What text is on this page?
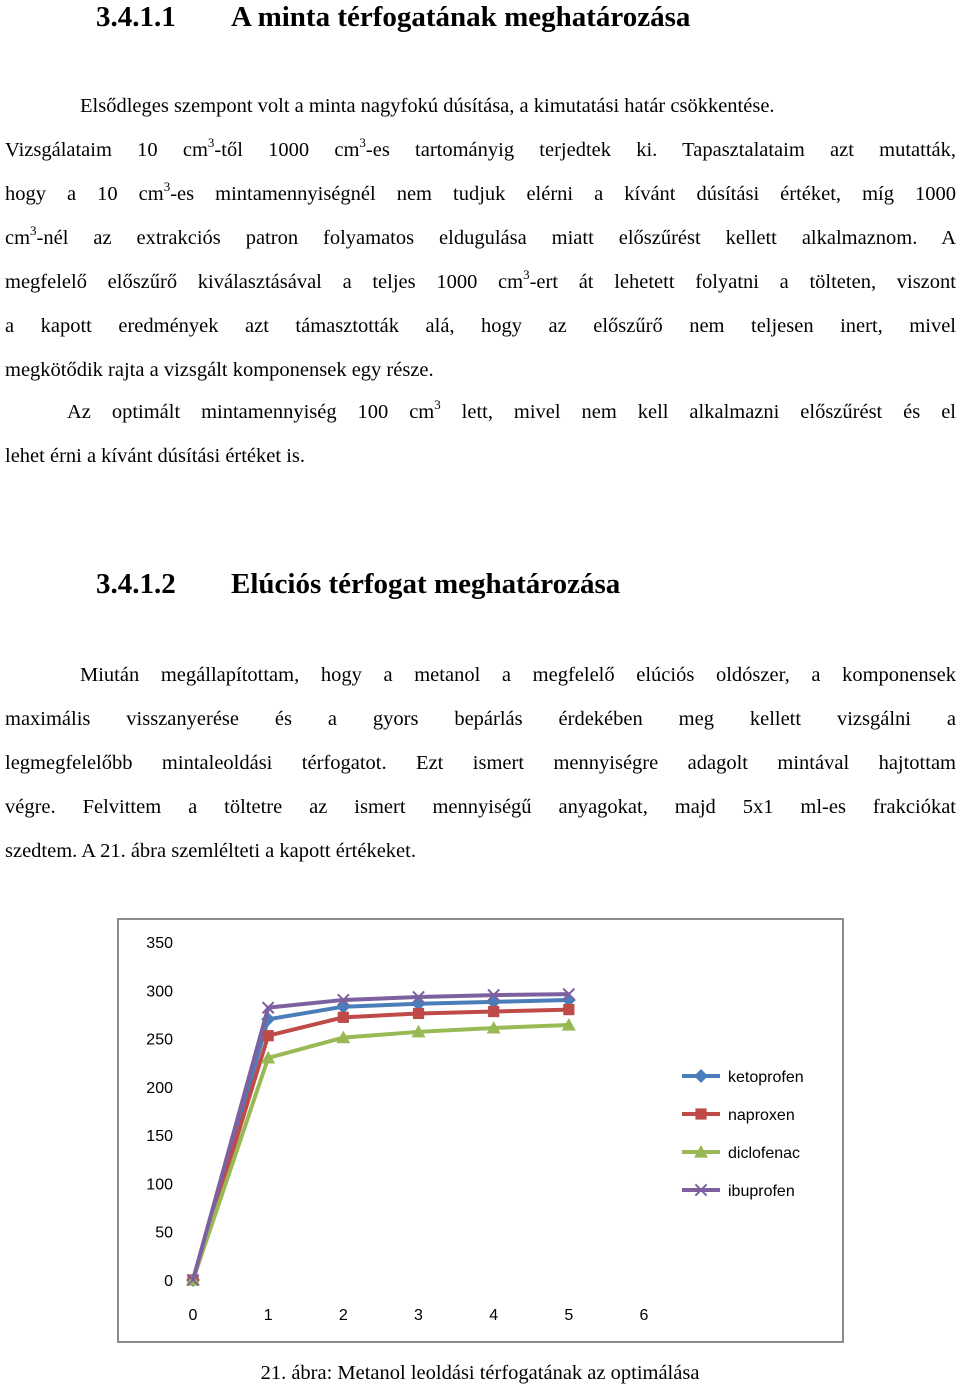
3.4.1.1 A minta térfogatának meghatározása
Elsődleges szempont volt a minta nagyfokú dúsítása, a kimutatási határ csökkentése.
Vizsgálataim 10 $cm^3$-től 1000 $cm^3-es$ tartományig terjedtek ki. Tapasztalataim azt mutatták,
hogy a 10 $cm^3-es$ mintamennyiségnél nem tudjuk elérni a kívánt dúsítási értéket, míg 1000
$cm^3$-nél az extrakciós patron folyamatos eldugulása miatt előszűrést kellett alkalmaznom. A
megfelelő előszűrő kiválasztásával a teljes 1000 $cm^3$-ert át lehetett folyatni a tölteten, viszont
a kapott eredmények azt támasztották alá, hogy az előszűrő nem teljesen inert, mivel
megkötődik rajta a vizsgált komponensek egy része.
Az optimált mintamennyiség 100 $cm^3$ lett, mivel nem kell alkalmazni előszűrést és el
lehet érni a kívánt dúsítási értéket is.
3.4.1.2 Elúciós térfogat meghatározása
Miután megállapítottam, hogy a metanol a megfelelő elúciós oldószer, a komponensek
maximális visszanyerése és a gyors bepárlás érdekében meg kellett vizsgálni a
legmegfelelőbb mintaleoldási térfogatot. Ezt ismert mennyiségre adagolt mintával hajtottam
végre. Felvittem a töltetre az ismert mennyiségű anyagokat, majd 5x1 ml-es frakciókat
szedtem. A 21. ábra szemlélteti a kapott értékeket.
0
50
100
150
200
250
300
350
0	1	2	3	4	5	6
ketoprofen
naproxen
diclofenac
ibuprofen

21. ábra: Metanol leoldási térfogatának az optimálása
